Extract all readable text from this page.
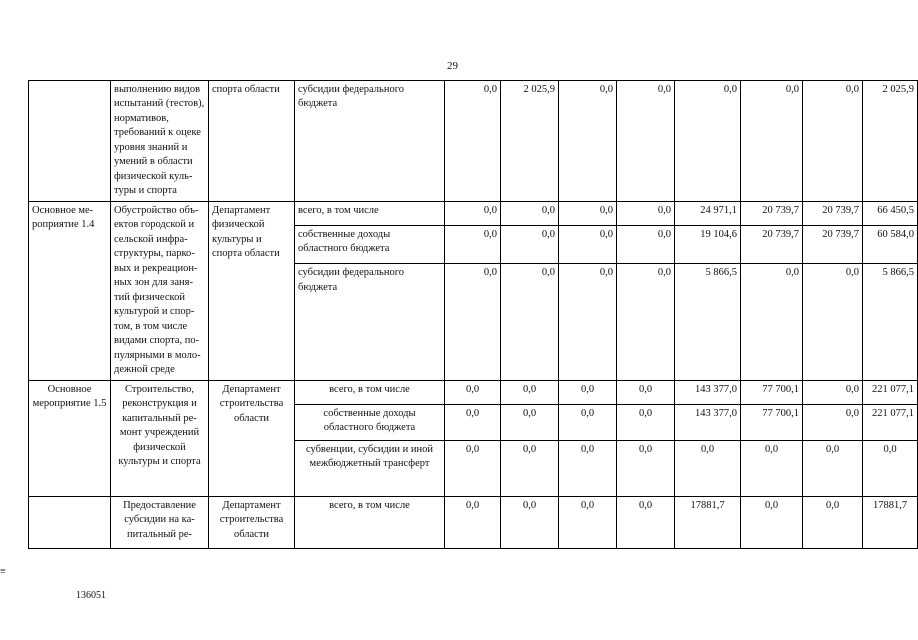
29
	выполнению видов испытаний (тестов), нормативов, требований к оцеке уровня знаний и умений в области физической культуры и спорта	спорта области	субсидии федерального бюджета	0,0	2 025,9	0,0	0,0	0,0	0,0	0,0	2 025,9
Основное мероприятие 1.4	Обустройство объектов городской и сельской инфраструктуры, парковых и рекреационных зон для занятий физической культурой и спортом, в том числе видами спорта, популярными в молодежной среде	Департамент физической культуры и спорта области	всего, в том числе	0,0	0,0	0,0	0,0	24 971,1	20 739,7	20 739,7	66 450,5
			собственные доходы областного бюджета	0,0	0,0	0,0	0,0	19 104,6	20 739,7	20 739,7	60 584,0
			субсидии федерального бюджета	0,0	0,0	0,0	0,0	5 866,5	0,0	0,0	5 866,5
Основное мероприятие 1.5	Строительство, реконструкция и капитальный ремонт учреждений физической культуры и спорта	Департамент строительства области	всего, в том числе	0,0	0,0	0,0	0,0	143 377,0	77 700,1	0,0	221 077,1
			собственные доходы областного бюджета	0,0	0,0	0,0	0,0	143 377,0	77 700,1	0,0	221 077,1
			субвенции, субсидии и иной межбюджетный трансферт	0,0	0,0	0,0	0,0	0,0	0,0	0,0	0,0
	Предоставление субсидии на капитальный ре-	Департамент строительства области	всего, в том числе	0,0	0,0	0,0	0,0	17881,7	0,0	0,0	17881,7
≡
136051
